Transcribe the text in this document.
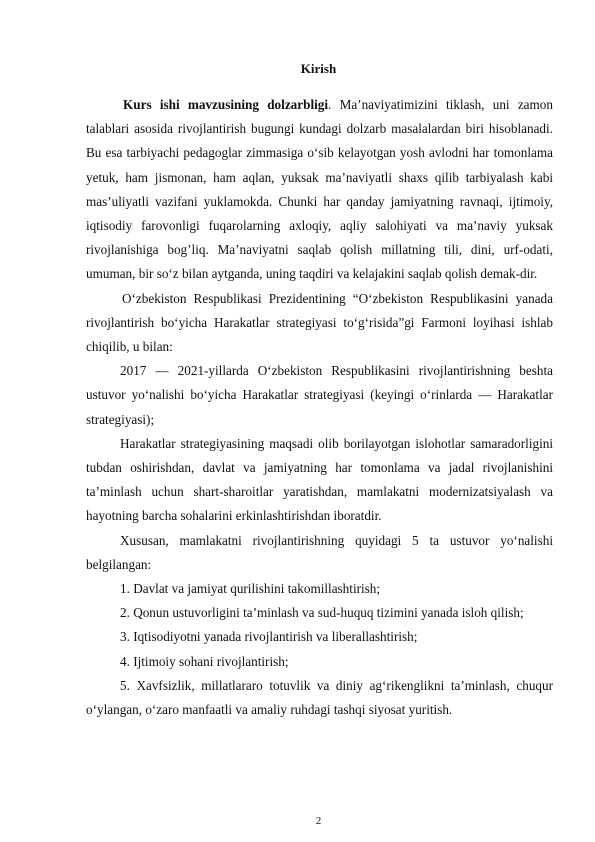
Kirish

Kurs ishi mavzusining dolzarbligi. Ma’naviyatimizini tiklash, uni zamon talablari asosida rivojlantirish bugungi kundagi dolzarb masalalardan biri hisoblanadi. Bu esa tarbiyachi pedagoglar zimmasiga o‘sib kelayotgan yosh avlodni har tomonlama yetuk, ham jismonan, ham aqlan, yuksak ma’naviyatli shaxs qilib tarbiyalash kabi mas’uliyatli vazifani yuklamokda. Chunki har qanday jamiyatning ravnaqi, ijtimoiy, iqtisodiy farovonligi fuqarolarning axloqiy, aqliy salohiyati va ma’naviy yuksak rivojlanishiga bog’liq. Ma’naviyatni saqlab qolish millatning tili, dini, urf-odati, umuman, bir so‘z bilan aytganda, uning taqdiri va kelajakini saqlab qolish demak-dir.

O‘zbekiston Respublikasi Prezidentining “O‘zbekiston Respublikasini yanada rivojlantirish bo‘yicha Harakatlar strategiyasi to‘g‘risida”gi Farmoni loyihasi ishlab chiqilib, u bilan:

2017 — 2021-yillarda O‘zbekiston Respublikasini rivojlantirishning beshta ustuvor yo‘nalishi bo‘yicha Harakatlar strategiyasi (keyingi o‘rinlarda — Harakatlar strategiyasi);

Harakatlar strategiyasining maqsadi olib borilayotgan islohotlar samaradorligini tubdan oshirishdan, davlat va jamiyatning har tomonlama va jadal rivojlanishini ta’minlash uchun shart-sharoitlar yaratishdan, mamlakatni modernizatsiyalash va hayotning barcha sohalarini erkinlashtirishdan iboratdir.

Xususan, mamlakatni rivojlantirishning quyidagi 5 ta ustuvor yo‘nalishi belgilangan:

1. Davlat va jamiyat qurilishini takomillashtirish;

2. Qonun ustuvorligini ta’minlash va sud-huquq tizimini yanada isloh qilish;

3. Iqtisodiyotni yanada rivojlantirish va liberallashtirish;

4. Ijtimoiy sohani rivojlantirish;

5. Xavfsizlik, millatlararo totuvlik va diniy ag‘rikenglikni ta’minlash, chuqur o‘ylangan, o‘zaro manfaatli va amaliy ruhdagi tashqi siyosat yuritish.

2
